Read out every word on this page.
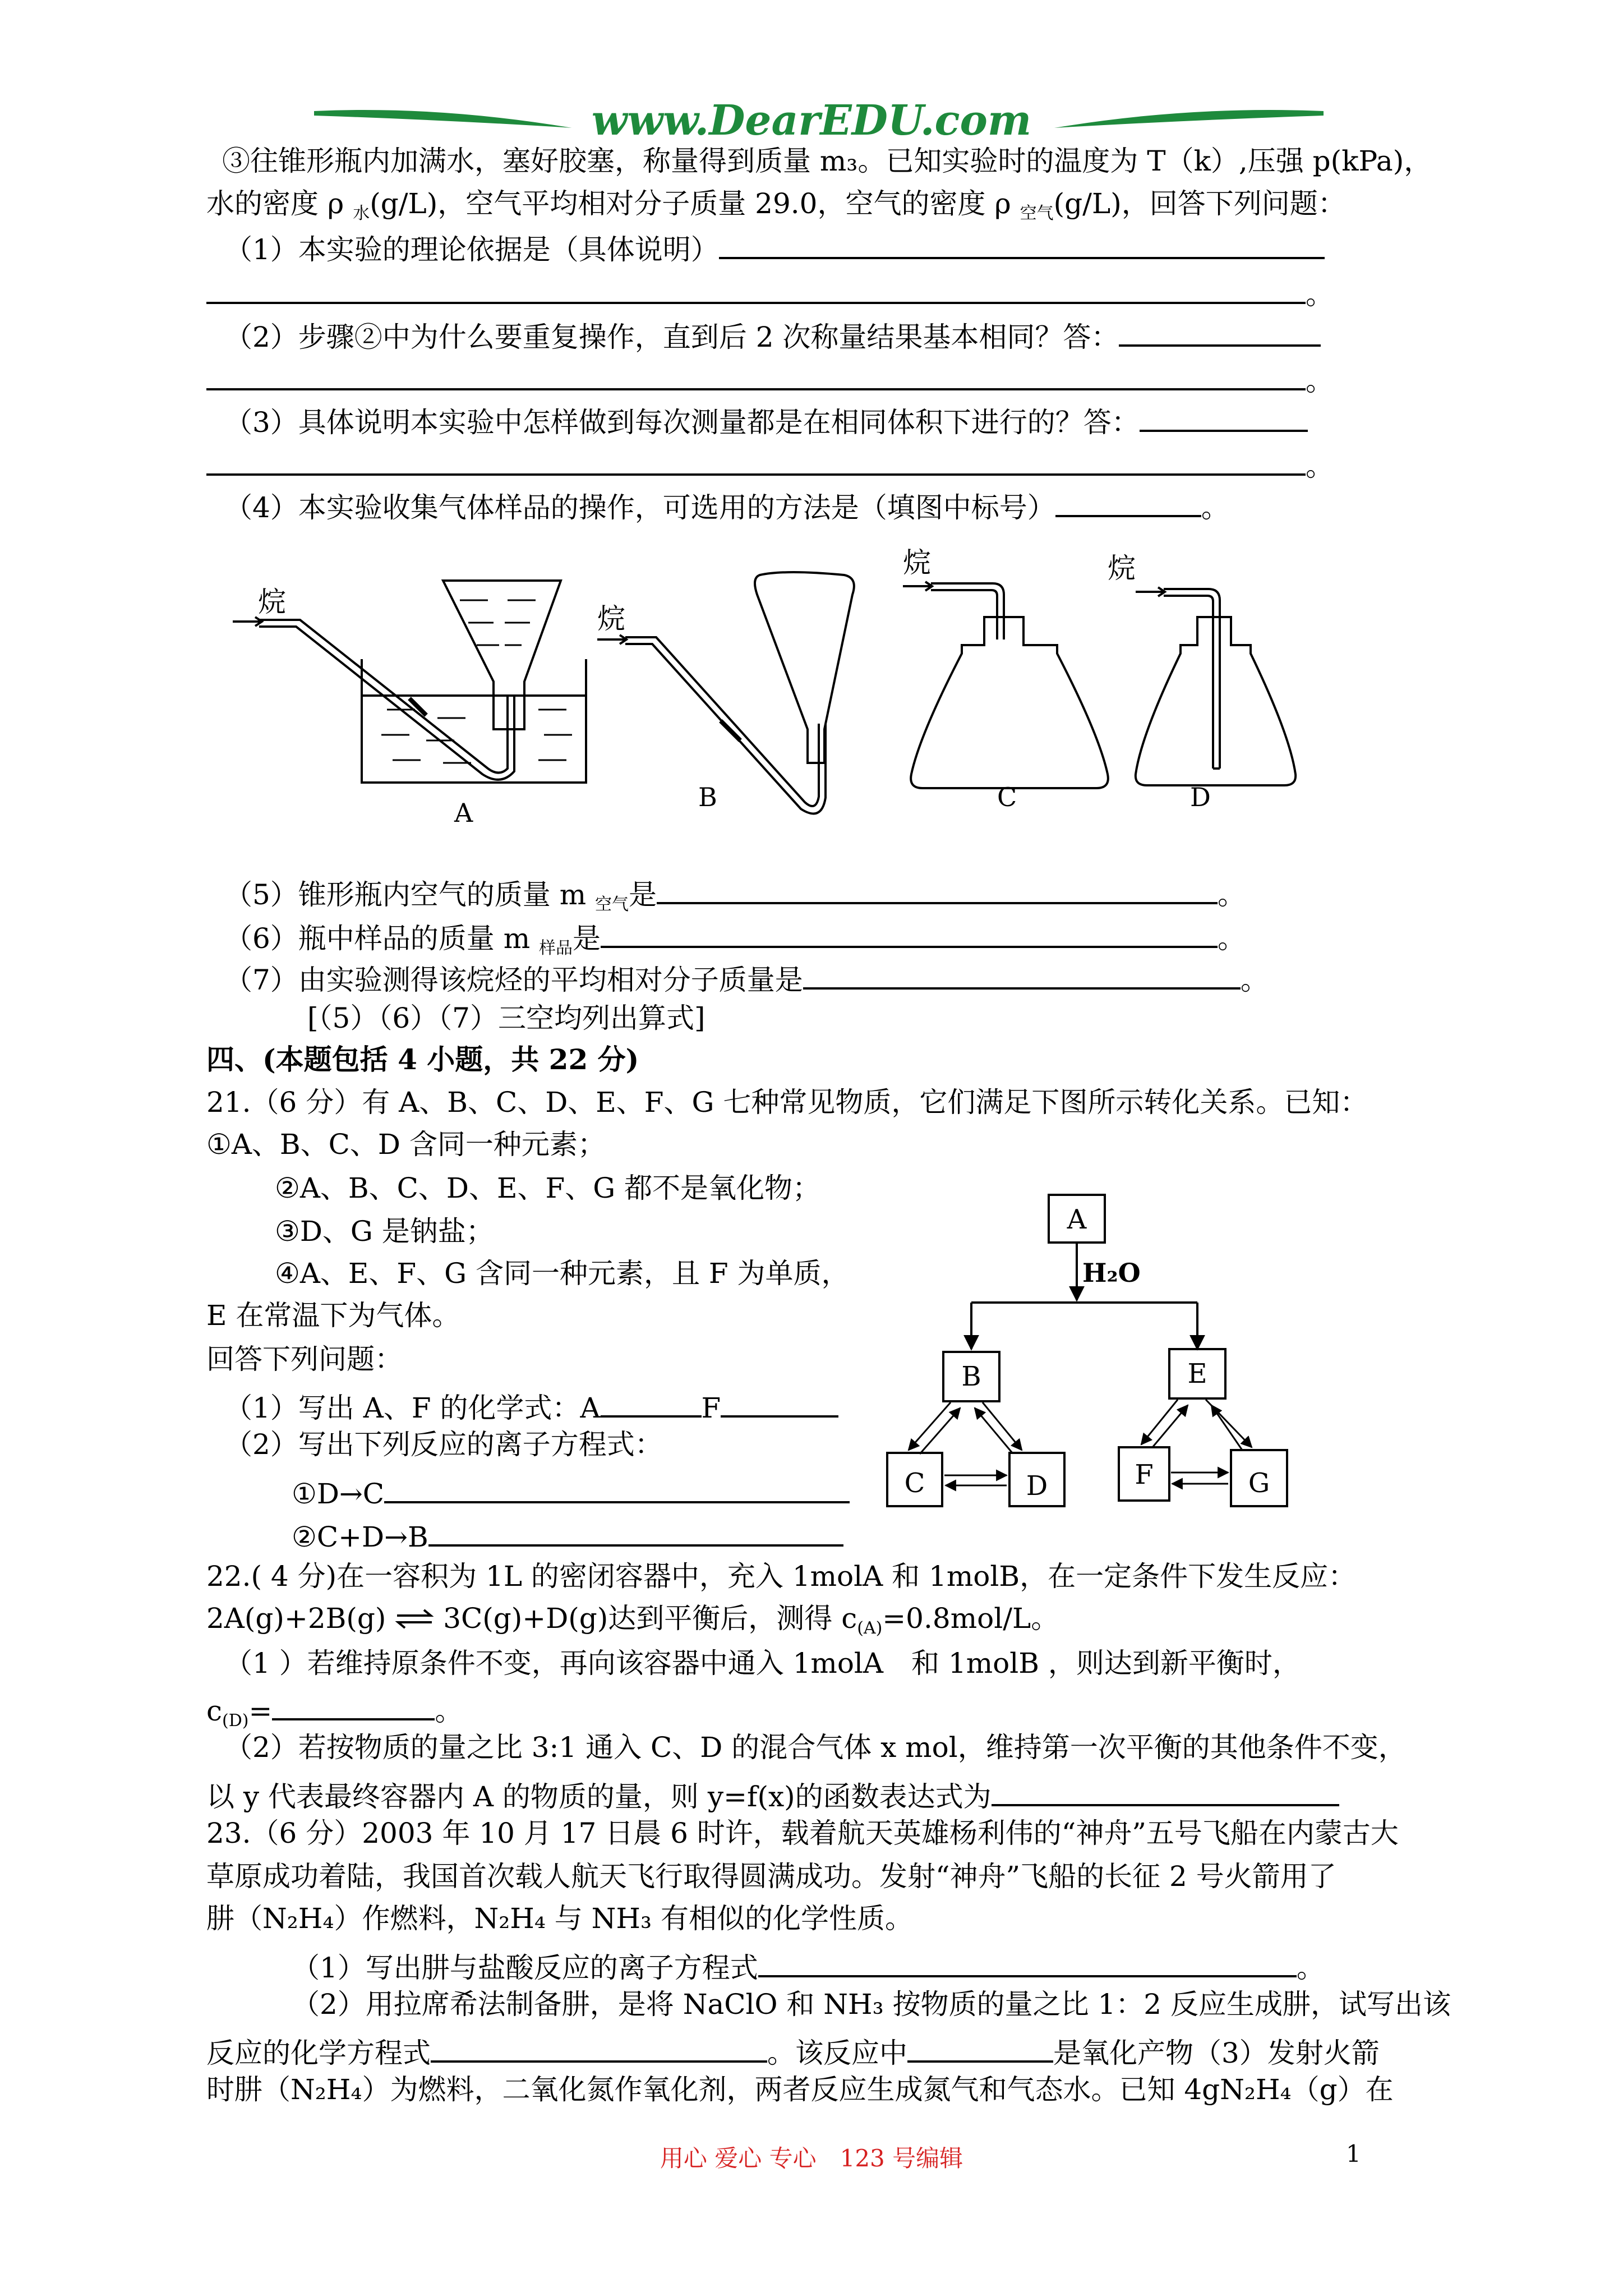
www.DearEDU.com
③往锥形瓶内加满水，塞好胶塞，称量得到质量 m₃。已知实验时的温度为 T（k）,压强 p(kPa)，
水的密度 ρ $_水$(g/L)，空气平均相对分子质量 29.0，空气的密度 ρ $_{空气}$(g/L)，回答下列问题：
（1）本实验的理论依据是（具体说明）
。
（2）步骤②中为什么要重复操作，直到后 2 次称量结果基本相同？答：
。
（3）具体说明本实验中怎样做到每次测量都是在相同体积下进行的？答：
。
（4）本实验收集气体样品的操作，可选用的方法是（填图中标号）	。
烷
A
烷
B
烷
C
烷
D
（5）锥形瓶内空气的质量 m $_{空气}$是	。
（6）瓶中样品的质量 m $_{样品}$是	。
（7）由实验测得该烷烃的平均相对分子质量是	。
[（5）（6）（7）三空均列出算式]
四、(本题包括 4 小题，共 22 分)
21.（6 分）有 A、B、C、D、E、F、G 七种常见物质，它们满足下图所示转化关系。已知：
①A、B、C、D 含同一种元素；
②A、B、C、D、E、F、G 都不是氧化物；
③D、G 是钠盐；
④A、E、F、G 含同一种元素，且 F 为单质，
E 在常温下为气体。
回答下列问题：
（1）写出 A、F 的化学式：A	F
（2）写出下列反应的离子方程式：
①D→C
②C+D→B
A
H₂O
B	E
C	D	F	G
22.( 4 分)在一容积为 1L 的密闭容器中，充入 1molA 和 1molB，在一定条件下发生反应：
2A(g)+2B(g) ⇌ 3C(g)+D(g)达到平衡后，测得 $c_{(A)}=0.8mol/L$。
（1 ）若维持原条件不变，再向该容器中通入 1molA　和 1molB ，则达到新平衡时，
$c_{(D)}=$	。
（2）若按物质的量之比 3:1 通入 C、D 的混合气体 x mol，维持第一次平衡的其他条件不变，
以 y 代表最终容器内 A 的物质的量，则 y=f(x)的函数表达式为
23.（6 分）2003 年 10 月 17 日晨 6 时许，载着航天英雄杨利伟的“神舟”五号飞船在内蒙古大
草原成功着陆，我国首次载人航天飞行取得圆满成功。发射“神舟”飞船的长征 2 号火箭用了
肼（N₂H₄）作燃料，N₂H₄ 与 NH₃ 有相似的化学性质。
（1）写出肼与盐酸反应的离子方程式	。
（2）用拉席希法制备肼，是将 NaClO 和 NH₃ 按物质的量之比 1：2 反应生成肼，试写出该
反应的化学方程式	。该反应中	是氧化产物（3）发射火箭
时肼（N₂H₄）为燃料，二氧化氮作氧化剂，两者反应生成氮气和气态水。已知 4gN₂H₄（g）在
用心 爱心 专心　123 号编辑	1
